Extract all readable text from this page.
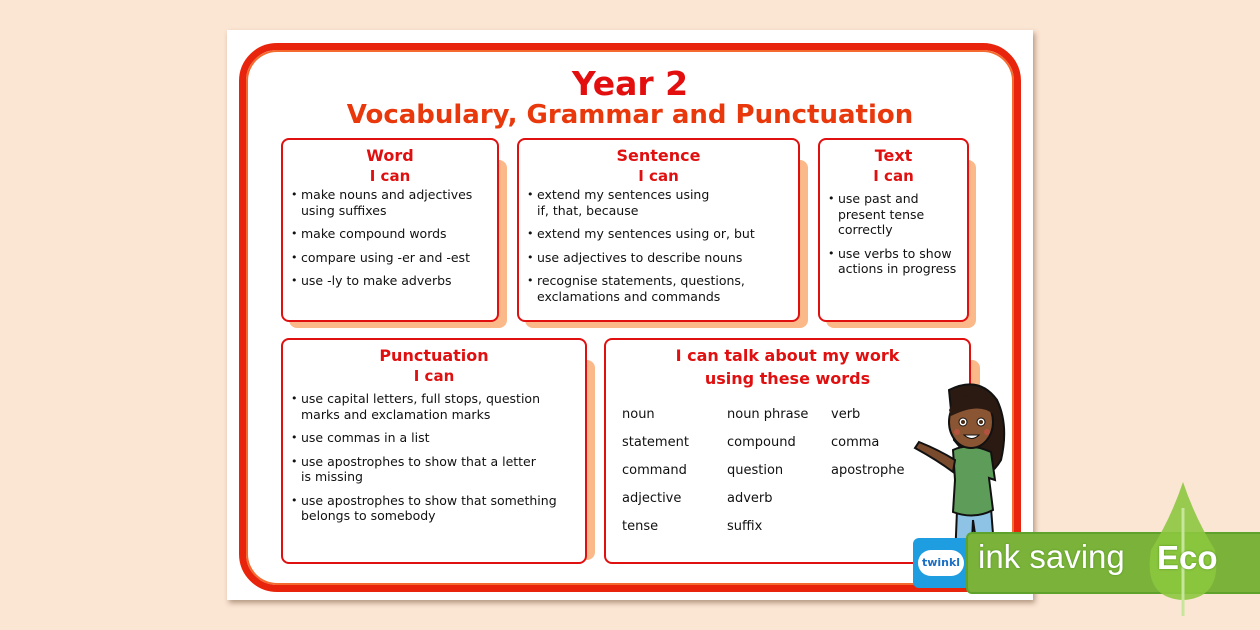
Year 2
Vocabulary, Grammar and Punctuation
Word
I can
• make nouns and adjectives using suffixes
• make compound words
• compare using -er and -est
• use -ly to make adverbs
Sentence
I can
• extend my sentences using if, that, because
• extend my sentences using or, but
• use adjectives to describe nouns
• recognise statements, questions, exclamations and commands
Text
I can
• use past and present tense correctly
• use verbs to show actions in progress
Punctuation
I can
• use capital letters, full stops, question marks and exclamation marks
• use commas in a list
• use apostrophes to show that a letter is missing
• use apostrophes to show that something belongs to somebody
I can talk about my work
using these words
noun	noun phrase	verb
statement	compound	comma
command	question	apostrophe
adjective	adverb
tense	suffix
twinkl ink saving Eco
